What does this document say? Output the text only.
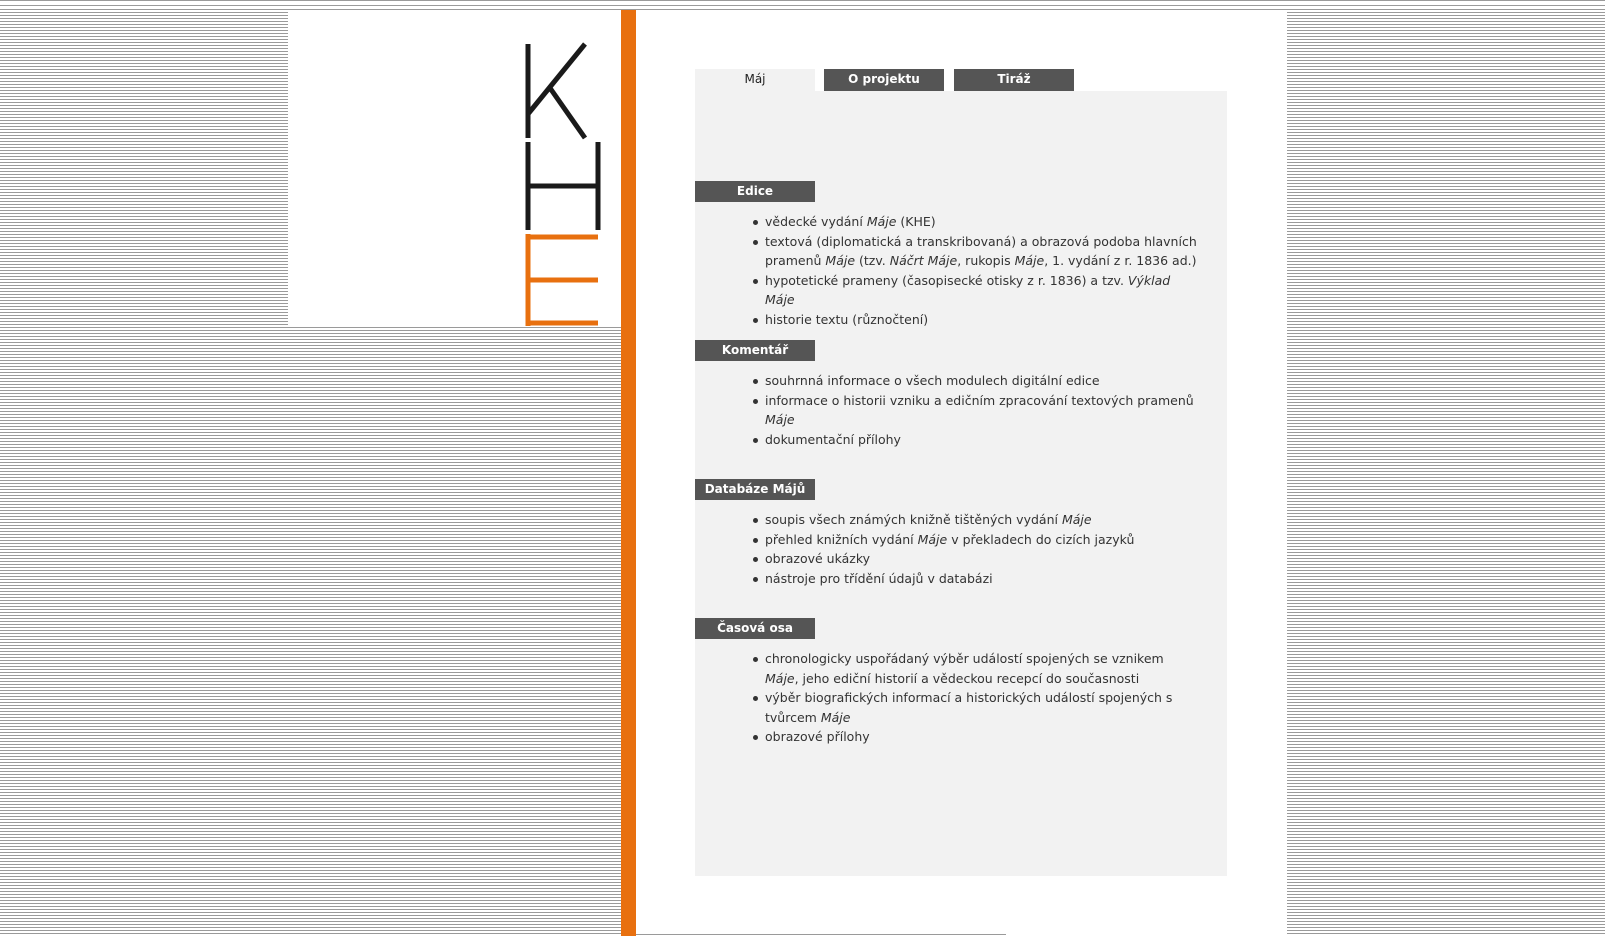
Máj	O projektu	Tiráž
Edice
vědecké vydání Máje (KHE)
textová (diplomatická a transkribovaná) a obrazová podoba hlavních pramenů Máje (tzv. Náčrt Máje, rukopis Máje, 1. vydání z r. 1836 ad.)
hypotetické prameny (časopisecké otisky z r. 1836) a tzv. Výklad Máje
historie textu (různočtení)
Komentář
souhrnná informace o všech modulech digitální edice
informace o historii vzniku a edičním zpracování textových pramenů Máje
dokumentační přílohy
Databáze Májů
soupis všech známých knižně tištěných vydání Máje
přehled knižních vydání Máje v překladech do cizích jazyků
obrazové ukázky
nástroje pro třídění údajů v databázi
Časová osa
chronologicky uspořádaný výběr událostí spojených se vznikem Máje, jeho ediční historií a vědeckou recepcí do současnosti
výběr biografických informací a historických událostí spojených s tvůrcem Máje
obrazové přílohy
